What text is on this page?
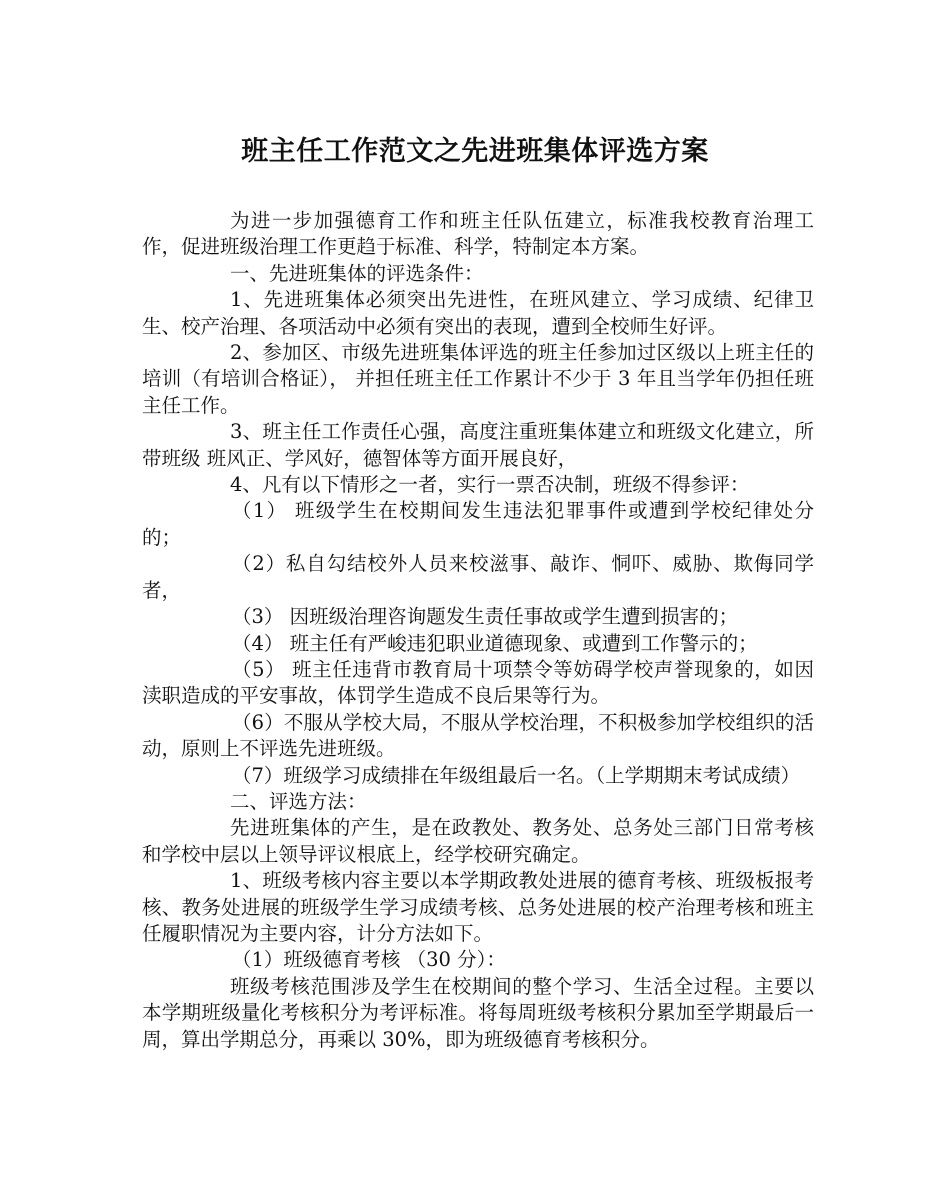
班主任工作范文之先进班集体评选方案

为进一步加强德育工作和班主任队伍建立，标准我校教育治理工作，促进班级治理工作更趋于标准、科学，特制定本方案。

一、先进班集体的评选条件：

1、先进班集体必须突出先进性，在班风建立、学习成绩、纪律卫生、校产治理、各项活动中必须有突出的表现，遭到全校师生好评。

2、参加区、市级先进班集体评选的班主任参加过区级以上班主任的培训（有培训合格证）， 并担任班主任工作累计不少于 3 年且当学年仍担任班主任工作。

3、班主任工作责任心强，高度注重班集体建立和班级文化建立，所带班级 班风正、学风好，德智体等方面开展良好，

4、凡有以下情形之一者，实行一票否决制，班级不得参评：

（1） 班级学生在校期间发生违法犯罪事件或遭到学校纪律处分的；

（2）私自勾结校外人员来校滋事、敲诈、恫吓、威胁、欺侮同学者，

（3） 因班级治理咨询题发生责任事故或学生遭到损害的；

（4） 班主任有严峻违犯职业道德现象、或遭到工作警示的；

（5） 班主任违背市教育局十项禁令等妨碍学校声誉现象的，如因渎职造成的平安事故，体罚学生造成不良后果等行为。

（6）不服从学校大局，不服从学校治理，不积极参加学校组织的活动，原则上不评选先进班级。

（7）班级学习成绩排在年级组最后一名。（上学期期末考试成绩）

二、评选方法：

先进班集体的产生，是在政教处、教务处、总务处三部门日常考核和学校中层以上领导评议根底上，经学校研究确定。

1、班级考核内容主要以本学期政教处进展的德育考核、班级板报考核、教务处进展的班级学生学习成绩考核、总务处进展的校产治理考核和班主任履职情况为主要内容，计分方法如下。

（1）班级德育考核 （30 分）：

班级考核范围涉及学生在校期间的整个学习、生活全过程。主要以本学期班级量化考核积分为考评标准。将每周班级考核积分累加至学期最后一周，算出学期总分，再乘以 30%，即为班级德育考核积分。
